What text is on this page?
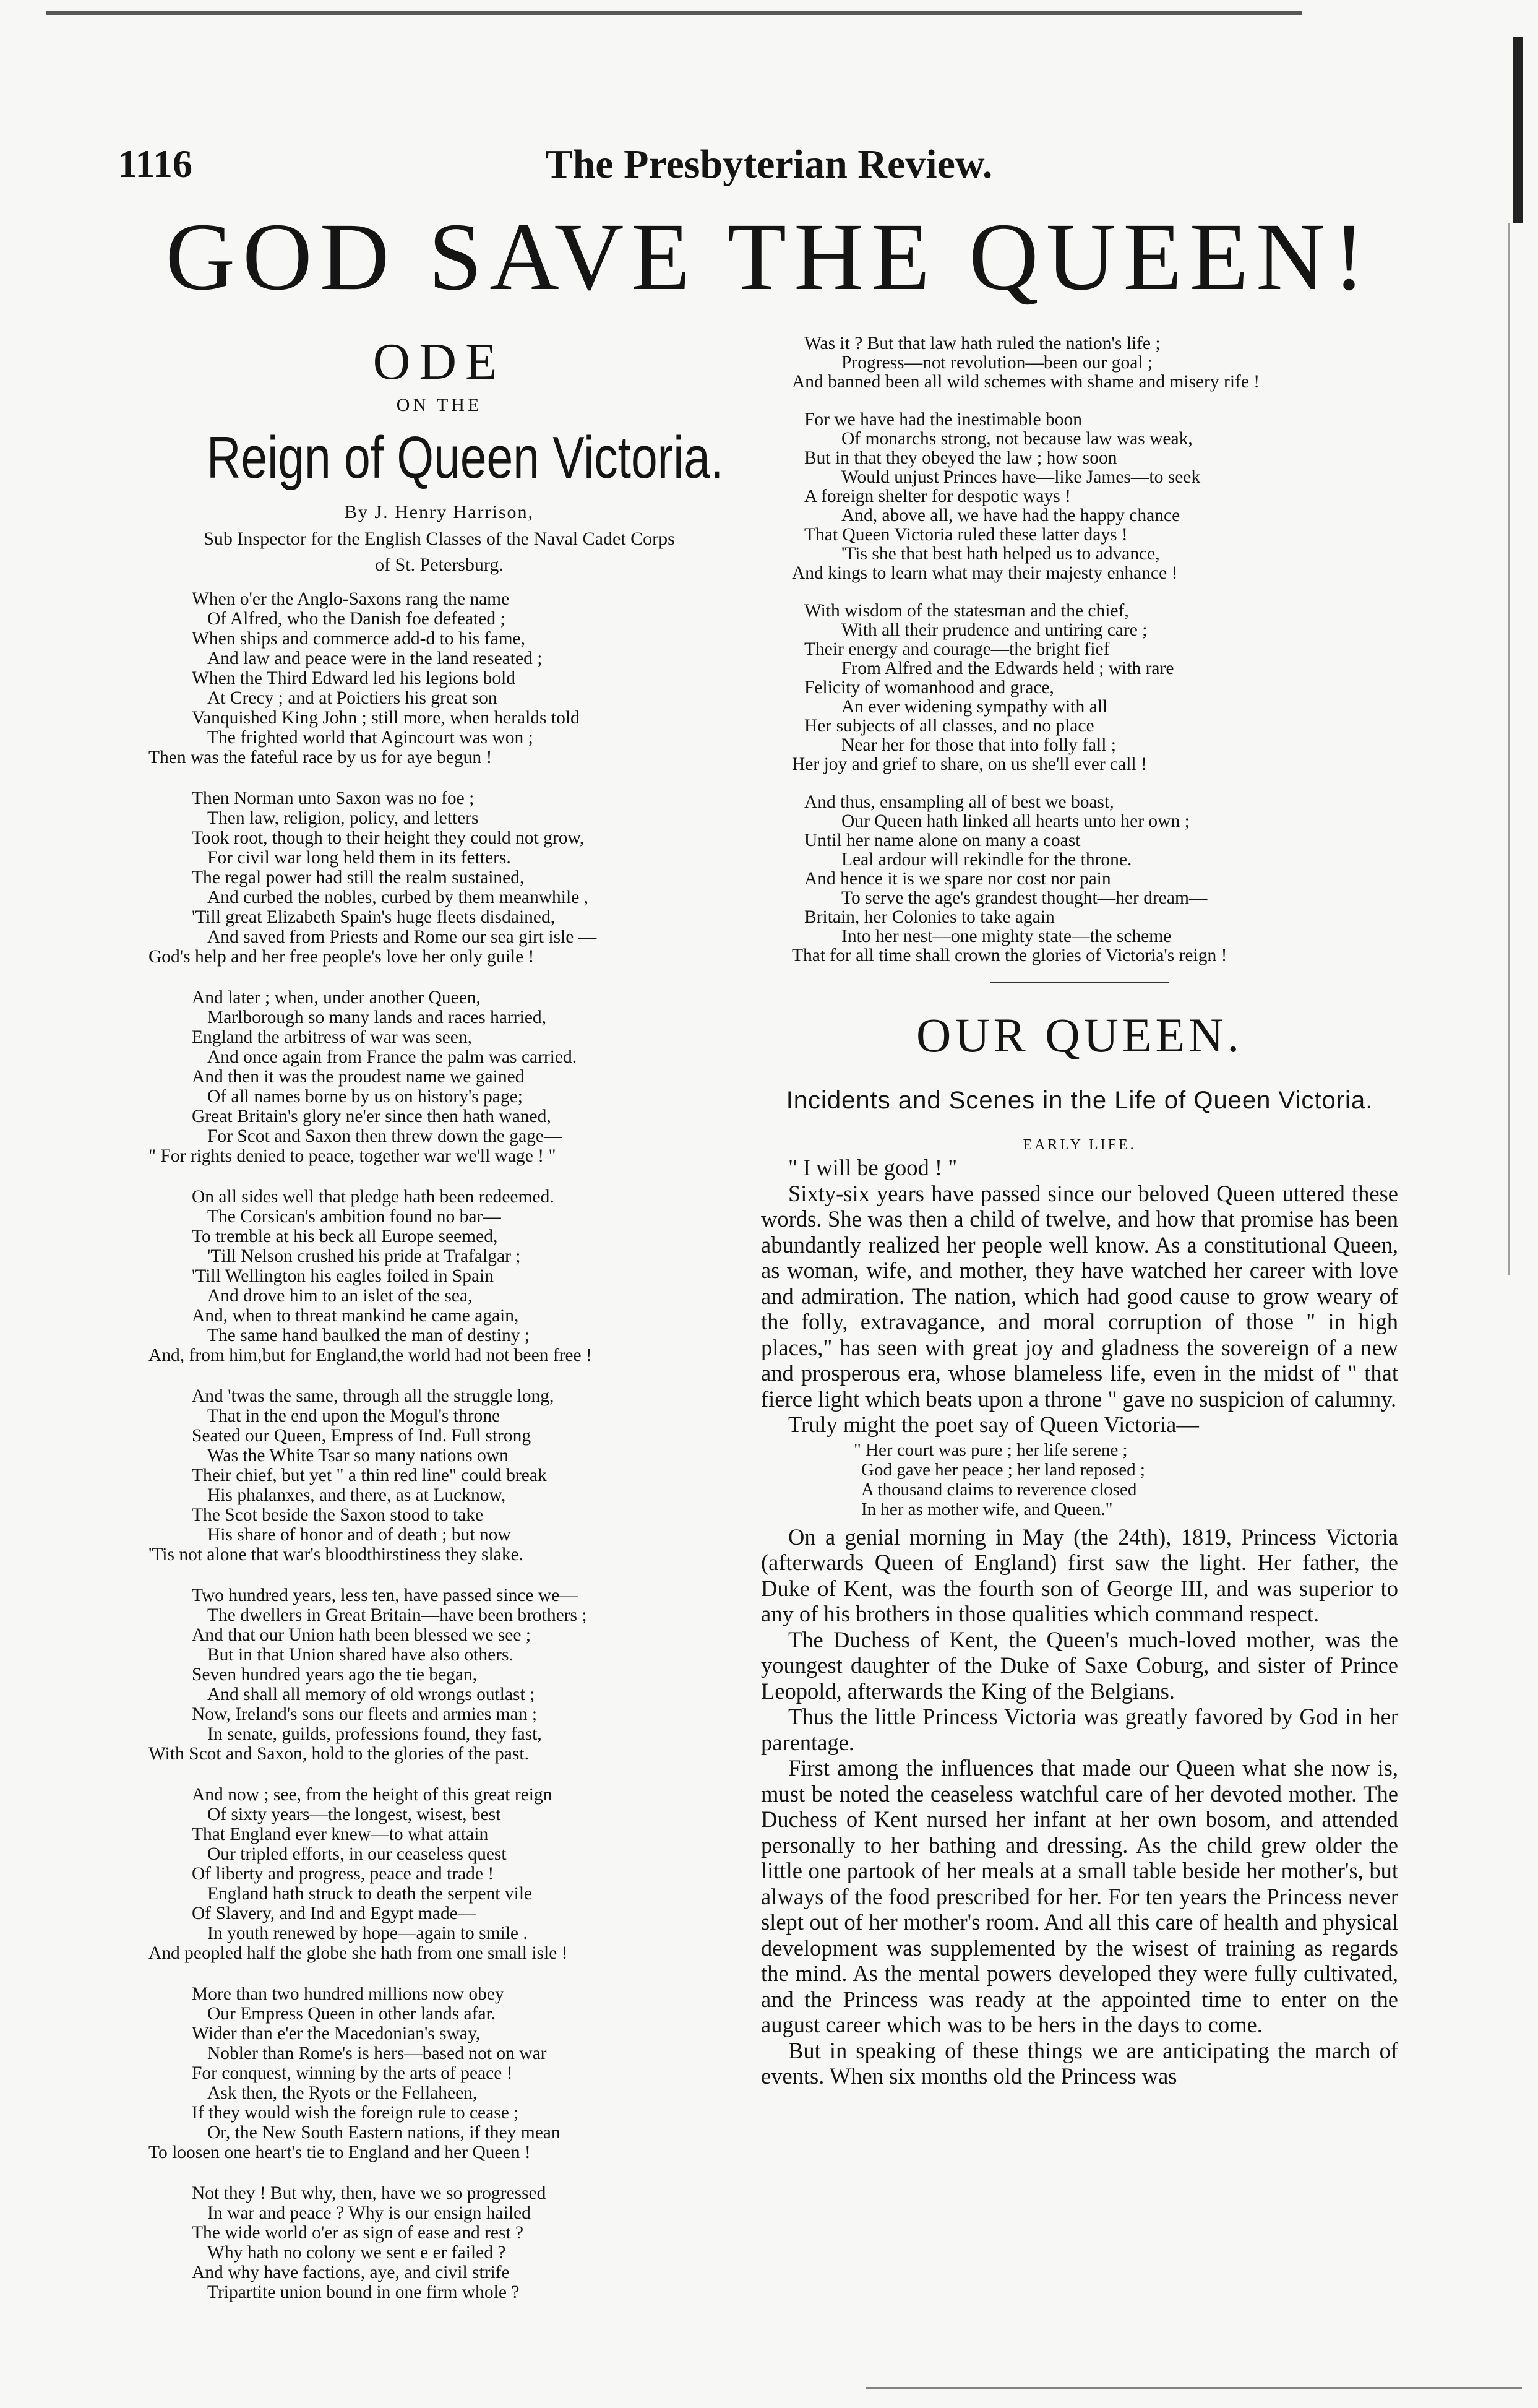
1116	The Presbyterian Review.
GOD SAVE THE QUEEN!
ODE
ON THE
Reign of Queen Victoria.
By J. Henry Harrison,
Sub Inspector for the English Classes of the Naval Cadet Corps
of St. Petersburg.
When o'er the Anglo-Saxons rang the name
Of Alfred, who the Danish foe defeated ;
When ships and commerce add-d to his fame,
And law and peace were in the land reseated ;
When the Third Edward led his legions bold
At Crecy ; and at Poictiers his great son
Vanquished King John ; still more, when heralds told
The frighted world that Agincourt was won ;
Then was the fateful race by us for aye begun !
Then Norman unto Saxon was no foe ;
Then law, religion, policy, and letters
Took root, though to their height they could not grow,
For civil war long held them in its fetters.
The regal power had still the realm sustained,
And curbed the nobles, curbed by them meanwhile ,
'Till great Elizabeth Spain's huge fleets disdained,
And saved from Priests and Rome our sea girt isle —
God's help and her free people's love her only guile !
And later ; when, under another Queen,
Marlborough so many lands and races harried,
England the arbitress of war was seen,
And once again from France the palm was carried.
And then it was the proudest name we gained
Of all names borne by us on history's page;
Great Britain's glory ne'er since then hath waned,
For Scot and Saxon then threw down the gage—
" For rights denied to peace, together war we'll wage ! "
On all sides well that pledge hath been redeemed.
The Corsican's ambition found no bar—
To tremble at his beck all Europe seemed,
'Till Nelson crushed his pride at Trafalgar ;
'Till Wellington his eagles foiled in Spain
And drove him to an islet of the sea,
And, when to threat mankind he came again,
The same hand baulked the man of destiny ;
And, from him,but for England,the world had not been free !
And 'twas the same, through all the struggle long,
That in the end upon the Mogul's throne
Seated our Queen, Empress of Ind. Full strong
Was the White Tsar so many nations own
Their chief, but yet " a thin red line" could break
His phalanxes, and there, as at Lucknow,
The Scot beside the Saxon stood to take
His share of honor and of death ; but now
'Tis not alone that war's bloodthirstiness they slake.
Two hundred years, less ten, have passed since we—
The dwellers in Great Britain—have been brothers ;
And that our Union hath been blessed we see ;
But in that Union shared have also others.
Seven hundred years ago the tie began,
And shall all memory of old wrongs outlast ;
Now, Ireland's sons our fleets and armies man ;
In senate, guilds, professions found, they fast,
With Scot and Saxon, hold to the glories of the past.
And now ; see, from the height of this great reign
Of sixty years—the longest, wisest, best
That England ever knew—to what attain
Our tripled efforts, in our ceaseless quest
Of liberty and progress, peace and trade !
England hath struck to death the serpent vile
Of Slavery, and Ind and Egypt made—
In youth renewed by hope—again to smile .
And peopled half the globe she hath from one small isle !
More than two hundred millions now obey
Our Empress Queen in other lands afar.
Wider than e'er the Macedonian's sway,
Nobler than Rome's is hers—based not on war
For conquest, winning by the arts of peace !
Ask then, the Ryots or the Fellaheen,
If they would wish the foreign rule to cease ;
Or, the New South Eastern nations, if they mean
To loosen one heart's tie to England and her Queen !
Not they ! But why, then, have we so progressed
In war and peace ? Why is our ensign hailed
The wide world o'er as sign of ease and rest ?
Why hath no colony we sent e er failed ?
And why have factions, aye, and civil strife
Tripartite union bound in one firm whole ?
Was it ? But that law hath ruled the nation's life ;
Progress—not revolution—been our goal ;
And banned been all wild schemes with shame and misery rife !
For we have had the inestimable boon
Of monarchs strong, not because law was weak,
But in that they obeyed the law ; how soon
Would unjust Princes have—like James—to seek
A foreign shelter for despotic ways !
And, above all, we have had the happy chance
That Queen Victoria ruled these latter days !
'Tis she that best hath helped us to advance,
And kings to learn what may their majesty enhance !
With wisdom of the statesman and the chief,
With all their prudence and untiring care ;
Their energy and courage—the bright fief
From Alfred and the Edwards held ; with rare
Felicity of womanhood and grace,
An ever widening sympathy with all
Her subjects of all classes, and no place
Near her for those that into folly fall ;
Her joy and grief to share, on us she'll ever call !
And thus, ensampling all of best we boast,
Our Queen hath linked all hearts unto her own ;
Until her name alone on many a coast
Leal ardour will rekindle for the throne.
And hence it is we spare nor cost nor pain
To serve the age's grandest thought—her dream—
Britain, her Colonies to take again
Into her nest—one mighty state—the scheme
That for all time shall crown the glories of Victoria's reign !
OUR QUEEN.
Incidents and Scenes in the Life of Queen Victoria.
EARLY LIFE.

" I will be good ! "

Sixty-six years have passed since our beloved Queen uttered these words. She was then a child of twelve, and how that promise has been abundantly realized her people well know. As a constitutional Queen, as woman, wife, and mother, they have watched her career with love and admiration. The nation, which had good cause to grow weary of the folly, extravagance, and moral corruption of those " in high places," has seen with great joy and gladness the sovereign of a new and prosperous era, whose blameless life, even in the midst of " that fierce light which beats upon a throne " gave no suspicion of calumny.

Truly might the poet say of Queen Victoria—

" Her court was pure ; her life serene ;
God gave her peace ; her land reposed ;
A thousand claims to reverence closed
In her as mother wife, and Queen."

On a genial morning in May (the 24th), 1819, Princess Victoria (afterwards Queen of England) first saw the light. Her father, the Duke of Kent, was the fourth son of George III, and was superior to any of his brothers in those qualities which command respect.

The Duchess of Kent, the Queen's much-loved mother, was the youngest daughter of the Duke of Saxe Coburg, and sister of Prince Leopold, afterwards the King of the Belgians.

Thus the little Princess Victoria was greatly favored by God in her parentage.

First among the influences that made our Queen what she now is, must be noted the ceaseless watchful care of her devoted mother. The Duchess of Kent nursed her infant at her own bosom, and attended personally to her bathing and dressing. As the child grew older the little one partook of her meals at a small table beside her mother's, but always of the food prescribed for her. For ten years the Princess never slept out of her mother's room. And all this care of health and physical development was supplemented by the wisest of training as regards the mind. As the mental powers developed they were fully cultivated, and the Princess was ready at the appointed time to enter on the august career which was to be hers in the days to come.

But in speaking of these things we are anticipating the march of events. When six months old the Princess was
